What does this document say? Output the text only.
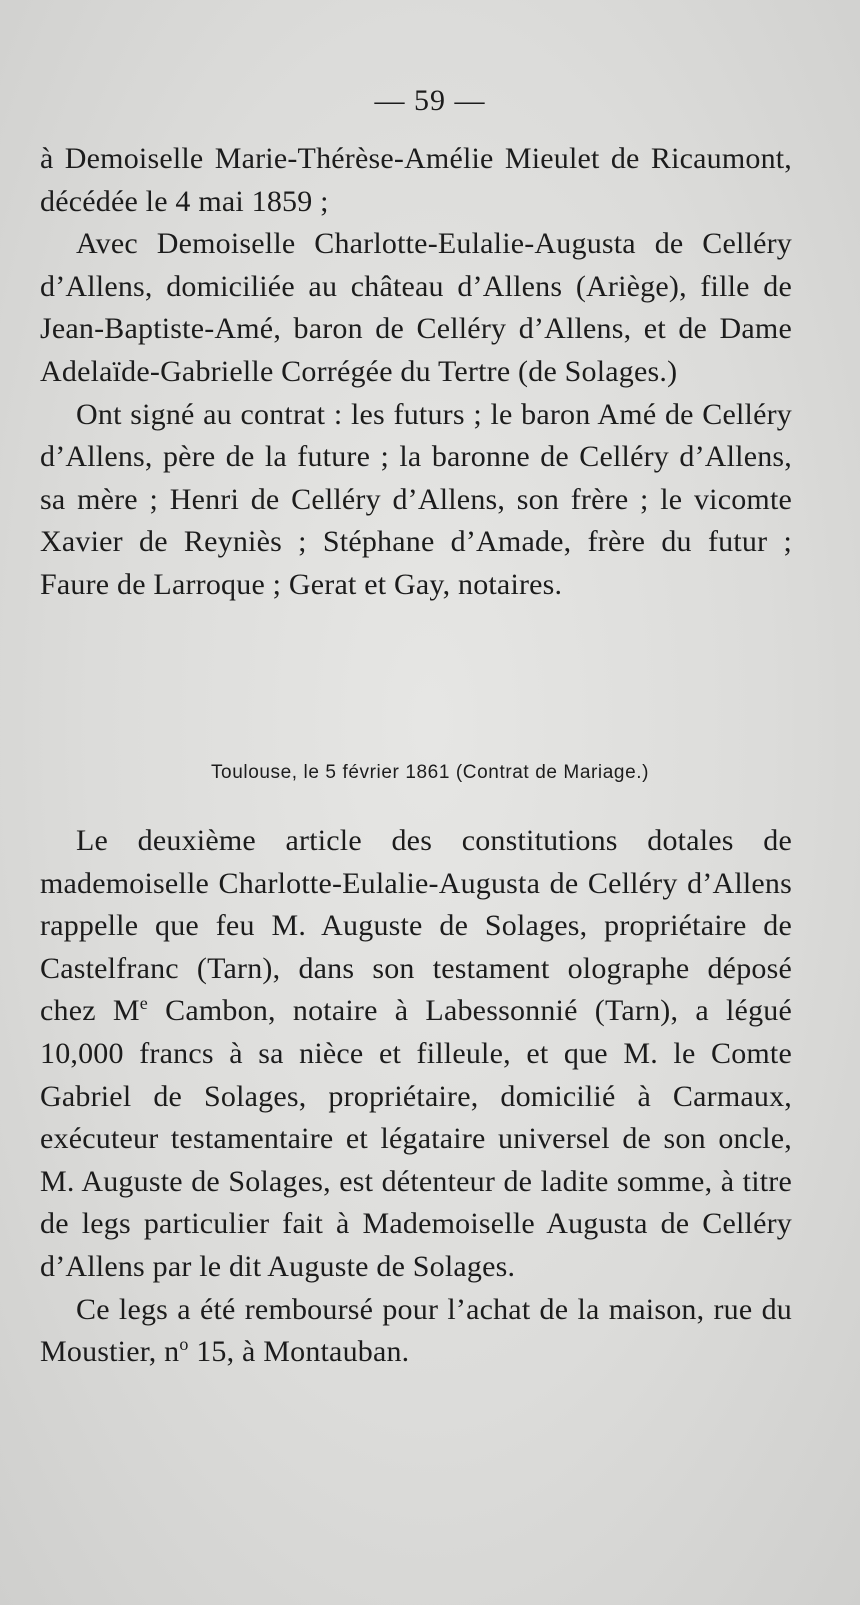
— 59 —

à Demoiselle Marie-Thérèse-Amélie Mieulet de Ricaumont, décédée le 4 mai 1859 ;

Avec Demoiselle Charlotte-Eulalie-Augusta de Celléry d’Allens, domiciliée au château d’Allens (Ariège), fille de Jean-Baptiste-Amé, baron de Celléry d’Allens, et de Dame Adelaïde-Gabrielle Corrégée du Tertre (de Solages.)

Ont signé au contrat : les futurs ; le baron Amé de Celléry d’Allens, père de la future ; la baronne de Celléry d’Allens, sa mère ; Henri de Celléry d’Allens, son frère ; le vicomte Xavier de Reyniès ; Stéphane d’Amade, frère du futur ; Faure de Larroque ; Gerat et Gay, notaires.

Toulouse, le 5 février 1861 (Contrat de Mariage.)

Le deuxième article des constitutions dotales de mademoiselle Charlotte-Eulalie-Augusta de Celléry d’Allens rappelle que feu M. Auguste de Solages, propriétaire de Castelfranc (Tarn), dans son testament olographe déposé chez Me Cambon, notaire à Labessonnié (Tarn), a légué 10,000 francs à sa nièce et filleule, et que M. le Comte Gabriel de Solages, propriétaire, domicilié à Carmaux, exécuteur testamentaire et légataire universel de son oncle, M. Auguste de Solages, est détenteur de ladite somme, à titre de legs particulier fait à Mademoiselle Augusta de Celléry d’Allens par le dit Auguste de Solages.

Ce legs a été remboursé pour l’achat de la maison, rue du Moustier, $n^o$ 15, à Montauban.
